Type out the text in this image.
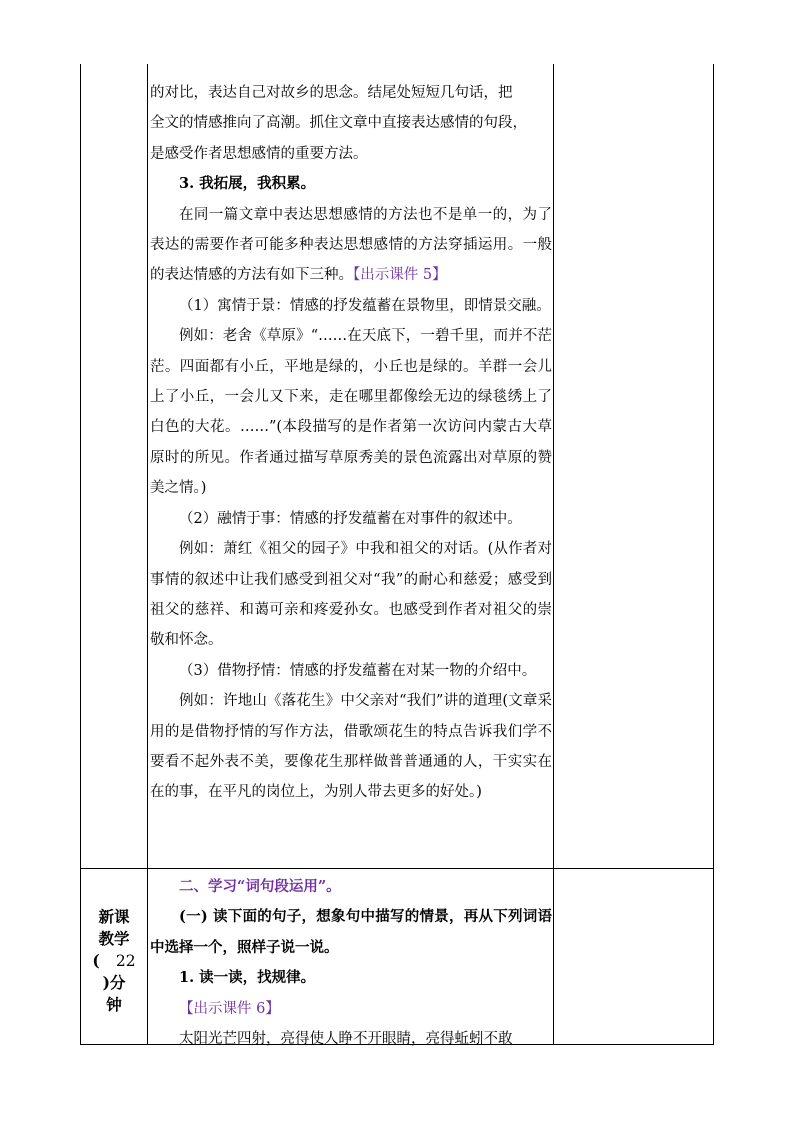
的对比，表达自己对故乡的思念。结尾处短短几句话，把

全文的情感推向了高潮。抓住文章中直接表达感情的句段，

是感受作者思想感情的重要方法。

3. 我拓展，我积累。

在同一篇文章中表达思想感情的方法也不是单一的，为了表达的需要作者可能多种表达思想感情的方法穿插运用。一般的表达情感的方法有如下三种。【出示课件 5】

（1）寓情于景：情感的抒发蕴蓄在景物里，即情景交融。

例如：老舍《草原》“……在天底下，一碧千里，而并不茫茫。四面都有小丘，平地是绿的，小丘也是绿的。羊群一会儿上了小丘，一会儿又下来，走在哪里都像绘无边的绿毯绣上了白色的大花。……”(本段描写的是作者第一次访问内蒙古大草原时的所见。作者通过描写草原秀美的景色流露出对草原的赞美之情。)

（2）融情于事：情感的抒发蕴蓄在对事件的叙述中。

例如：萧红《祖父的园子》中我和祖父的对话。(从作者对事情的叙述中让我们感受到祖父对“我”的耐心和慈爱；感受到祖父的慈祥、和蔼可亲和疼爱孙女。也感受到作者对祖父的崇敬和怀念。

（3）借物抒情：情感的抒发蕴蓄在对某一物的介绍中。

例如：许地山《落花生》中父亲对“我们”讲的道理(文章采用的是借物抒情的写作方法，借歌颂花生的特点告诉我们学不要看不起外表不美，要像花生那样做普普通通的人，干实实在在的事，在平凡的岗位上，为别人带去更多的好处。)

新课
教学
( 22
)分
钟

二、学习“词句段运用”。

(一) 读下面的句子，想象句中描写的情景，再从下列词语中选择一个，照样子说一说。

1. 读一读，找规律。

【出示课件 6】

太阳光芒四射，亮得使人睁不开眼睛，亮得蚯蚓不敢
